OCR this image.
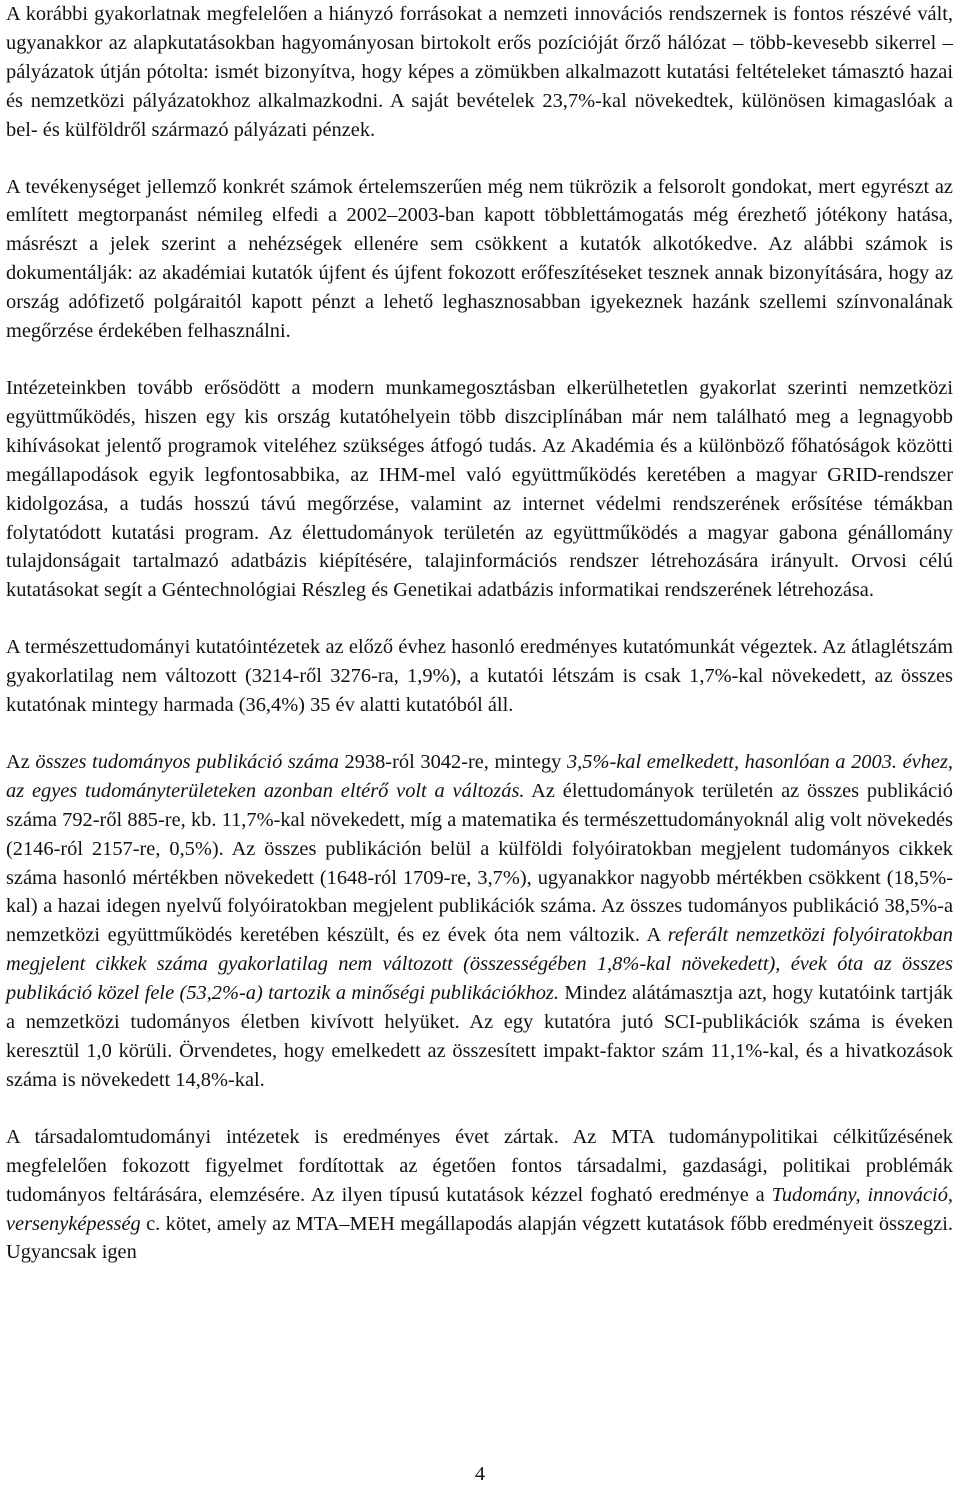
A korábbi gyakorlatnak megfelelően a hiányzó forrásokat a nemzeti innovációs rendszernek is fontos részévé vált, ugyanakkor az alapkutatásokban hagyományosan birtokolt erős pozícióját őrző hálózat – több-kevesebb sikerrel – pályázatok útján pótolta: ismét bizonyítva, hogy képes a zömükben alkalmazott kutatási feltételeket támasztó hazai és nemzetközi pályázatokhoz alkalmazkodni. A saját bevételek 23,7%-kal növekedtek, különösen kimagaslóak a bel- és külföldről származó pályázati pénzek.

A tevékenységet jellemző konkrét számok értelemszerűen még nem tükrözik a felsorolt gondokat, mert egyrészt az említett megtorpanást némileg elfedi a 2002–2003-ban kapott többlettámogatás még érezhető jótékony hatása, másrészt a jelek szerint a nehézségek ellenére sem csökkent a kutatók alkotókedve. Az alábbi számok is dokumentálják: az akadémiai kutatók újfent és újfent fokozott erőfeszítéseket tesznek annak bizonyítására, hogy az ország adófizető polgáraitól kapott pénzt a lehető leghasznosabban igyekeznek hazánk szellemi színvonalának megőrzése érdekében felhasználni.

Intézeteinkben tovább erősödött a modern munkamegosztásban elkerülhetetlen gyakorlat szerinti nemzetközi együttműködés, hiszen egy kis ország kutatóhelyein több diszciplínában már nem található meg a legnagyobb kihívásokat jelentő programok viteléhez szükséges átfogó tudás. Az Akadémia és a különböző főhatóságok közötti megállapodások egyik legfontosabbika, az IHM-mel való együttműködés keretében a magyar GRID-rendszer kidolgozása, a tudás hosszú távú megőrzése, valamint az internet védelmi rendszerének erősítése témákban folytatódott kutatási program. Az élettudományok területén az együttműködés a magyar gabona génállomány tulajdonságait tartalmazó adatbázis kiépítésére, talajinformációs rendszer létrehozására irányult. Orvosi célú kutatásokat segít a Géntechnológiai Részleg és Genetikai adatbázis informatikai rendszerének létrehozása.

A természettudományi kutatóintézetek az előző évhez hasonló eredményes kutatómunkát végeztek. Az átlaglétszám gyakorlatilag nem változott (3214-ről 3276-ra, 1,9%), a kutatói létszám is csak 1,7%-kal növekedett, az összes kutatónak mintegy harmada (36,4%) 35 év alatti kutatóból áll.

Az összes tudományos publikáció száma 2938-ról 3042-re, mintegy 3,5%-kal emelkedett, hasonlóan a 2003. évhez, az egyes tudományterületeken azonban eltérő volt a változás. Az élettudományok területén az összes publikáció száma 792-ről 885-re, kb. 11,7%-kal növekedett, míg a matematika és természettudományoknál alig volt növekedés (2146-ról 2157-re, 0,5%). Az összes publikáción belül a külföldi folyóiratokban megjelent tudományos cikkek száma hasonló mértékben növekedett (1648-ról 1709-re, 3,7%), ugyanakkor nagyobb mértékben csökkent (18,5%-kal) a hazai idegen nyelvű folyóiratokban megjelent publikációk száma. Az összes tudományos publikáció 38,5%-a nemzetközi együttműködés keretében készült, és ez évek óta nem változik. A referált nemzetközi folyóiratokban megjelent cikkek száma gyakorlatilag nem változott (összességében 1,8%-kal növekedett), évek óta az összes publikáció közel fele (53,2%-a) tartozik a minőségi publikációkhoz. Mindez alátámasztja azt, hogy kutatóink tartják a nemzetközi tudományos életben kivívott helyüket. Az egy kutatóra jutó SCI-publikációk száma is éveken keresztül 1,0 körüli. Örvendetes, hogy emelkedett az összesített impakt-faktor szám 11,1%-kal, és a hivatkozások száma is növekedett 14,8%-kal.

A társadalomtudományi intézetek is eredményes évet zártak. Az MTA tudománypolitikai célkitűzésének megfelelően fokozott figyelmet fordítottak az égetően fontos társadalmi, gazdasági, politikai problémák tudományos feltárására, elemzésére. Az ilyen típusú kutatások kézzel fogható eredménye a Tudomány, innováció, versenyképesség c. kötet, amely az MTA–MEH megállapodás alapján végzett kutatások főbb eredményeit összegzi. Ugyancsak igen

4
